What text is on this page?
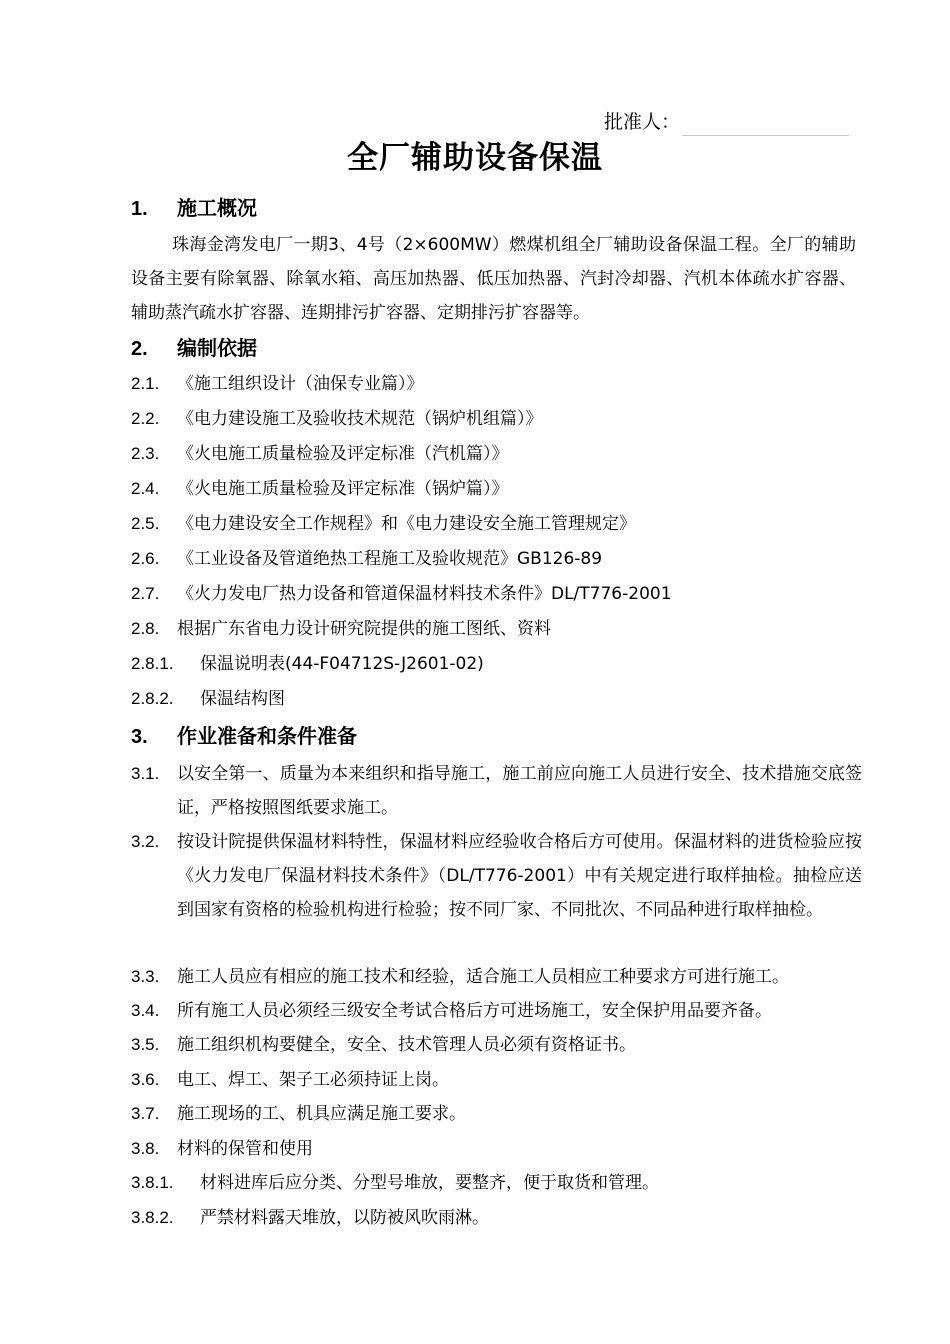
批准人：
全厂辅助设备保温
1. 施工概况

珠海金湾发电厂一期3、4号（2×600MW）燃煤机组全厂辅助设备保温工程。全厂的辅助设备主要有除氧器、除氧水箱、高压加热器、低压加热器、汽封冷却器、汽机本体疏水扩容器、辅助蒸汽疏水扩容器、连期排污扩容器、定期排污扩容器等。

2. 编制依据
2.1. 《施工组织设计（油保专业篇）》
2.2. 《电力建设施工及验收技术规范（锅炉机组篇）》
2.3. 《火电施工质量检验及评定标准（汽机篇）》
2.4. 《火电施工质量检验及评定标准（锅炉篇）》
2.5. 《电力建设安全工作规程》和《电力建设安全施工管理规定》
2.6. 《工业设备及管道绝热工程施工及验收规范》GB126-89
2.7. 《火力发电厂热力设备和管道保温材料技术条件》DL/T776-2001
2.8. 根据广东省电力设计研究院提供的施工图纸、资料
2.8.1. 保温说明表(44-F04712S-J2601-02)
2.8.2. 保温结构图
3. 作业准备和条件准备
3.1. 以安全第一、质量为本来组织和指导施工，施工前应向施工人员进行安全、技术措施交底签证，严格按照图纸要求施工。
3.2. 按设计院提供保温材料特性，保温材料应经验收合格后方可使用。保温材料的进货检验应按《火力发电厂保温材料技术条件》（DL/T776-2001）中有关规定进行取样抽检。抽检应送到国家有资格的检验机构进行检验；按不同厂家、不同批次、不同品种进行取样抽检。
3.3. 施工人员应有相应的施工技术和经验，适合施工人员相应工种要求方可进行施工。
3.4. 所有施工人员必须经三级安全考试合格后方可进场施工，安全保护用品要齐备。
3.5. 施工组织机构要健全，安全、技术管理人员必须有资格证书。
3.6. 电工、焊工、架子工必须持证上岗。
3.7. 施工现场的工、机具应满足施工要求。
3.8. 材料的保管和使用
3.8.1. 材料进库后应分类、分型号堆放，要整齐，便于取货和管理。
3.8.2. 严禁材料露天堆放，以防被风吹雨淋。
